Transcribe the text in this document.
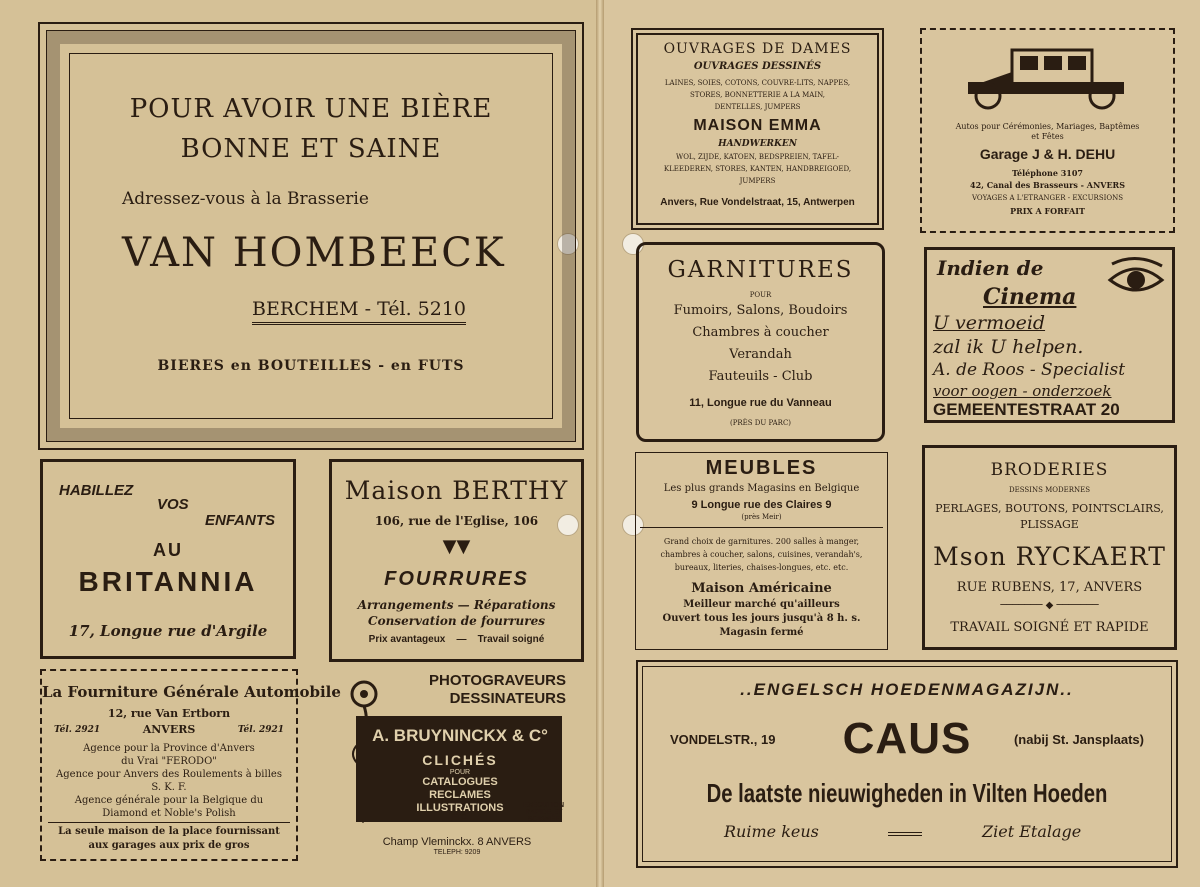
POUR AVOIR UNE BIÈRE
BONNE ET SAINE
Adressez-vous à la Brasserie
VAN HOMBEECK
BERCHEM - Tél. 5210
BIERES en BOUTEILLES - en FUTS
HABILLEZ
VOS
ENFANTS
AU
BRITANNIA
17, Longue rue d'Argile
Maison BERTHY
106, rue de l'Eglise, 106
▼▼
FOURRURES
Arrangements — Réparations
Conservation de fourrures
Prix avantageux — Travail soigné
La Fourniture Générale Automobile
12, rue Van Ertborn
Tél. 2921	ANVERS	Tél. 2921
Agence pour la Province d'Anvers
du Vrai "FERODO"
Agence pour Anvers des Roulements à billes
S. K. F.
Agence générale pour la Belgique du
Diamond et Noble's Polish
La seule maison de la place fournissant
aux garages aux prix de gros
PHOTOGRAVEURS
DESSINATEURS
A. BRUYNINCKX & C°
CLICHÉS
POUR
CATALOGUES
RECLAMES
ILLUSTRATIONS
ETC.
EXÉCUTION
RAPIDE ET
SOIGNÉE
Champ Vleminckx. 8 ANVERS
TELEPH: 9209
OUVRAGES DE DAMES
OUVRAGES DESSINÉS
LAINES, SOIES, COTONS, COUVRE-LITS, NAPPES,
STORES, BONNETTERIE A LA MAIN,
DENTELLES, JUMPERS
MAISON EMMA
HANDWERKEN
WOL, ZIJDE, KATOEN, BEDSPREIEN, TAFEL-
KLEEDEREN, STORES, KANTEN, HANDBREIGOED,
JUMPERS
Anvers, Rue Vondelstraat, 15, Antwerpen
Autos pour Cérémonies, Mariages, Baptêmes
et Fêtes
Garage J & H. DEHU
Téléphone 3107
42, Canal des Brasseurs - ANVERS
VOYAGES A L'ETRANGER - EXCURSIONS
PRIX A FORFAIT
GARNITURES
POUR
Fumoirs, Salons, Boudoirs
Chambres à coucher
Verandah
Fauteuils - Club
11, Longue rue du Vanneau
(PRÈS DU PARC)
Indien de
Cinema
U vermoeid
zal ik U helpen.
A. de Roos - Specialist
voor oogen - onderzoek
GEMEENTESTRAAT 20
MEUBLES
Les plus grands Magasins en Belgique
9 Longue rue des Claires 9
(près Meir)
Grand choix de garnitures. 200 salles à manger,
chambres à coucher, salons, cuisines, verandah's,
bureaux, literies, chaises-longues, etc. etc.
Maison Américaine
Meilleur marché qu'ailleurs
Ouvert tous les jours jusqu'à 8 h. s.
Magasin fermé
BRODERIES
DESSINS MODERNES
PERLAGES, BOUTONS, POINTSCLAIRS,
PLISSAGE
Mson RYCKAERT
RUE RUBENS, 17, ANVERS
─────── ◆ ───────
TRAVAIL SOIGNÉ ET RAPIDE
..ENGELSCH HOEDENMAGAZIJN..
VONDELSTR., 19	CAUS	(nabij St. Jansplaats)
De laatste nieuwigheden in Vilten Hoeden
Ruime keus	Ziet Etalage
